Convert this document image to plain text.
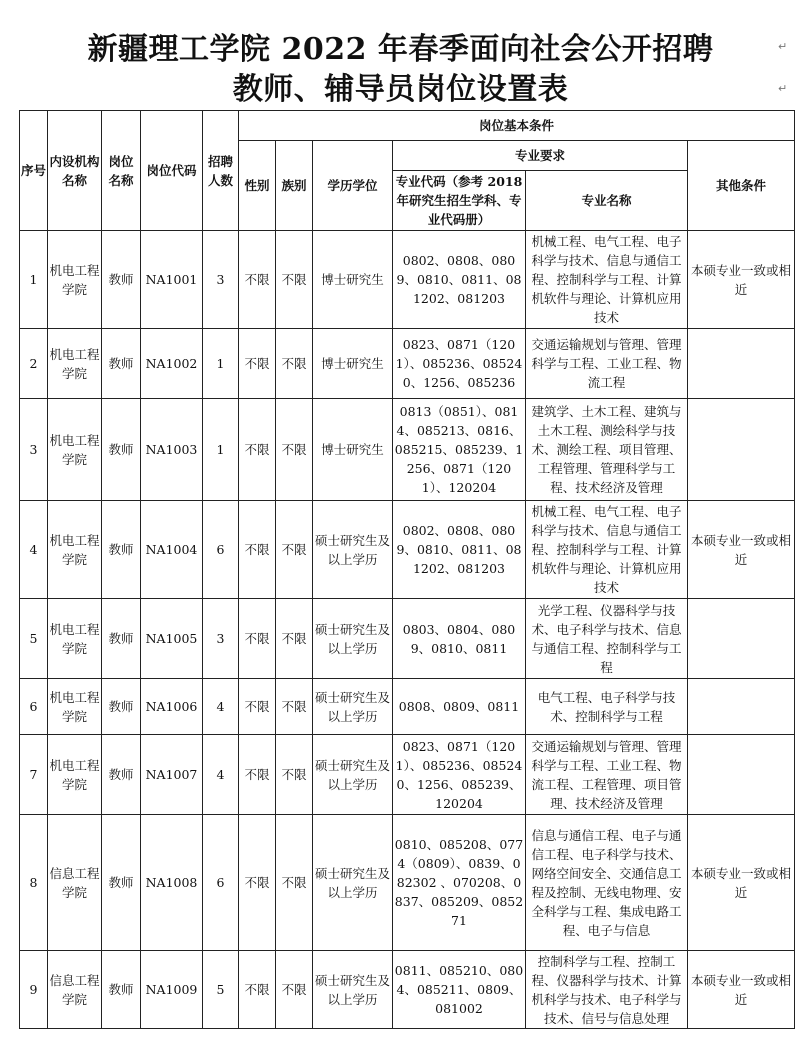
新疆理工学院 2022 年春季面向社会公开招聘
教师、辅导员岗位设置表
↵
↵
序号	内设机构名称	岗位名称	岗位代码	招聘人数	岗位基本条件					
					性别	族别	学历学位	专业要求		其他条件
								专业代码（参考 2018年研究生招生学科、专业代码册）	专业名称	
1	机电工程学院	教师	NA1001	3	不限	不限	博士研究生	0802、0808、0809、0810、0811、081202、081203	机械工程、电气工程、电子科学与技术、信息与通信工程、控制科学与工程、计算机软件与理论、计算机应用技术	本硕专业一致或相近
2	机电工程学院	教师	NA1002	1	不限	不限	博士研究生	0823、0871（1201）、085236、085240、1256、085236	交通运输规划与管理、管理科学与工程、工业工程、物流工程	
3	机电工程学院	教师	NA1003	1	不限	不限	博士研究生	0813（0851）、0814、085213、0816、085215、085239、1256、0871（1201）、120204	建筑学、土木工程、建筑与土木工程、测绘科学与技术、测绘工程、项目管理、工程管理、管理科学与工程、技术经济及管理	
4	机电工程学院	教师	NA1004	6	不限	不限	硕士研究生及以上学历	0802、0808、0809、0810、0811、081202、081203	机械工程、电气工程、电子科学与技术、信息与通信工程、控制科学与工程、计算机软件与理论、计算机应用技术	本硕专业一致或相近
5	机电工程学院	教师	NA1005	3	不限	不限	硕士研究生及以上学历	0803、0804、0809、0810、0811	光学工程、仪器科学与技术、电子科学与技术、信息与通信工程、控制科学与工程	
6	机电工程学院	教师	NA1006	4	不限	不限	硕士研究生及以上学历	0808、0809、0811	电气工程、电子科学与技术、控制科学与工程	
7	机电工程学院	教师	NA1007	4	不限	不限	硕士研究生及以上学历	0823、0871（1201）、085236、085240、1256、085239、120204	交通运输规划与管理、管理科学与工程、工业工程、物流工程、工程管理、项目管理、技术经济及管理	
8	信息工程学院	教师	NA1008	6	不限	不限	硕士研究生及以上学历	0810、085208、0774（0809）、0839、082302 、070208、0837、085209、085271	信息与通信工程、电子与通信工程、电子科学与技术、网络空间安全、交通信息工程及控制、无线电物理、安全科学与工程、集成电路工程、电子与信息	本硕专业一致或相近
9	信息工程学院	教师	NA1009	5	不限	不限	硕士研究生及以上学历	0811、085210、0804、085211、0809、081002	控制科学与工程、控制工程、仪器科学与技术、计算机科学与技术、电子科学与技术、信号与信息处理	本硕专业一致或相近
